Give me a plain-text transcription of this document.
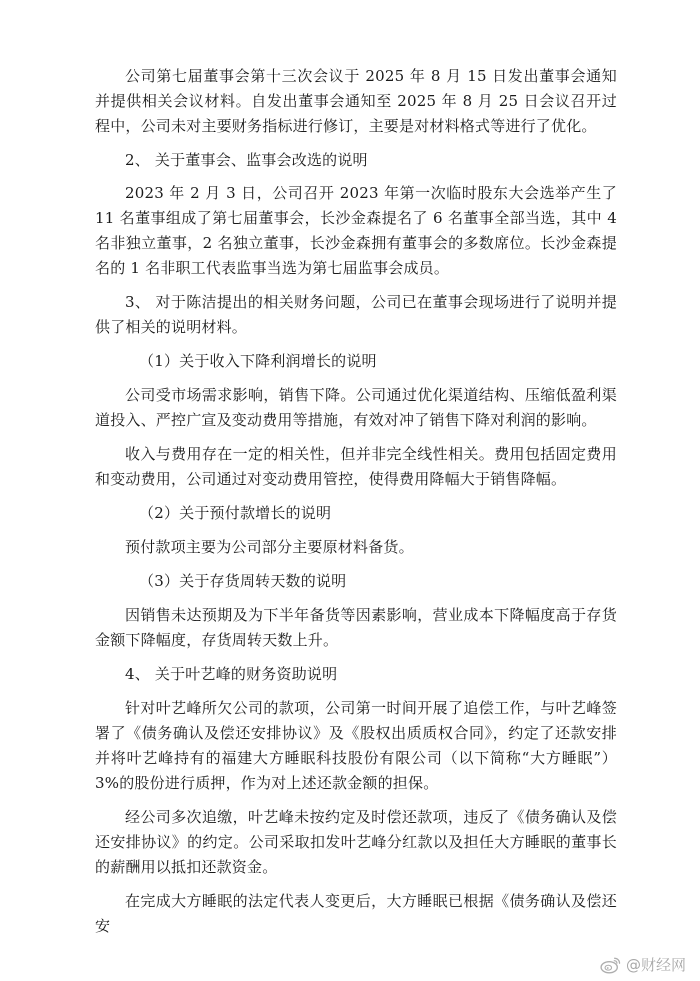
公司第七届董事会第十三次会议于 2025 年 8 月 15 日发出董事会通知并提供相关会议材料。自发出董事会通知至 2025 年 8 月 25 日会议召开过程中，公司未对主要财务指标进行修订，主要是对材料格式等进行了优化。

2、 关于董事会、监事会改选的说明

2023 年 2 月 3 日，公司召开 2023 年第一次临时股东大会选举产生了 11 名董事组成了第七届董事会，长沙金森提名了 6 名董事全部当选，其中 4 名非独立董事，2 名独立董事，长沙金森拥有董事会的多数席位。长沙金森提名的 1 名非职工代表监事当选为第七届监事会成员。

3、 对于陈洁提出的相关财务问题，公司已在董事会现场进行了说明并提供了相关的说明材料。

（1）关于收入下降利润增长的说明

公司受市场需求影响，销售下降。公司通过优化渠道结构、压缩低盈利渠道投入、严控广宣及变动费用等措施，有效对冲了销售下降对利润的影响。

收入与费用存在一定的相关性，但并非完全线性相关。费用包括固定费用和变动费用，公司通过对变动费用管控，使得费用降幅大于销售降幅。

（2）关于预付款增长的说明

预付款项主要为公司部分主要原材料备货。

（3）关于存货周转天数的说明

因销售未达预期及为下半年备货等因素影响，营业成本下降幅度高于存货金额下降幅度，存货周转天数上升。

4、 关于叶艺峰的财务资助说明

针对叶艺峰所欠公司的款项，公司第一时间开展了追偿工作，与叶艺峰签署了《债务确认及偿还安排协议》及《股权出质质权合同》，约定了还款安排并将叶艺峰持有的福建大方睡眠科技股份有限公司（以下简称“大方睡眠”）3%的股份进行质押，作为对上述还款金额的担保。

经公司多次追缴，叶艺峰未按约定及时偿还款项，违反了《债务确认及偿还安排协议》的约定。公司采取扣发叶艺峰分红款以及担任大方睡眠的董事长的薪酬用以抵扣还款资金。

在完成大方睡眠的法定代表人变更后，大方睡眠已根据《债务确认及偿还安

@财经网
